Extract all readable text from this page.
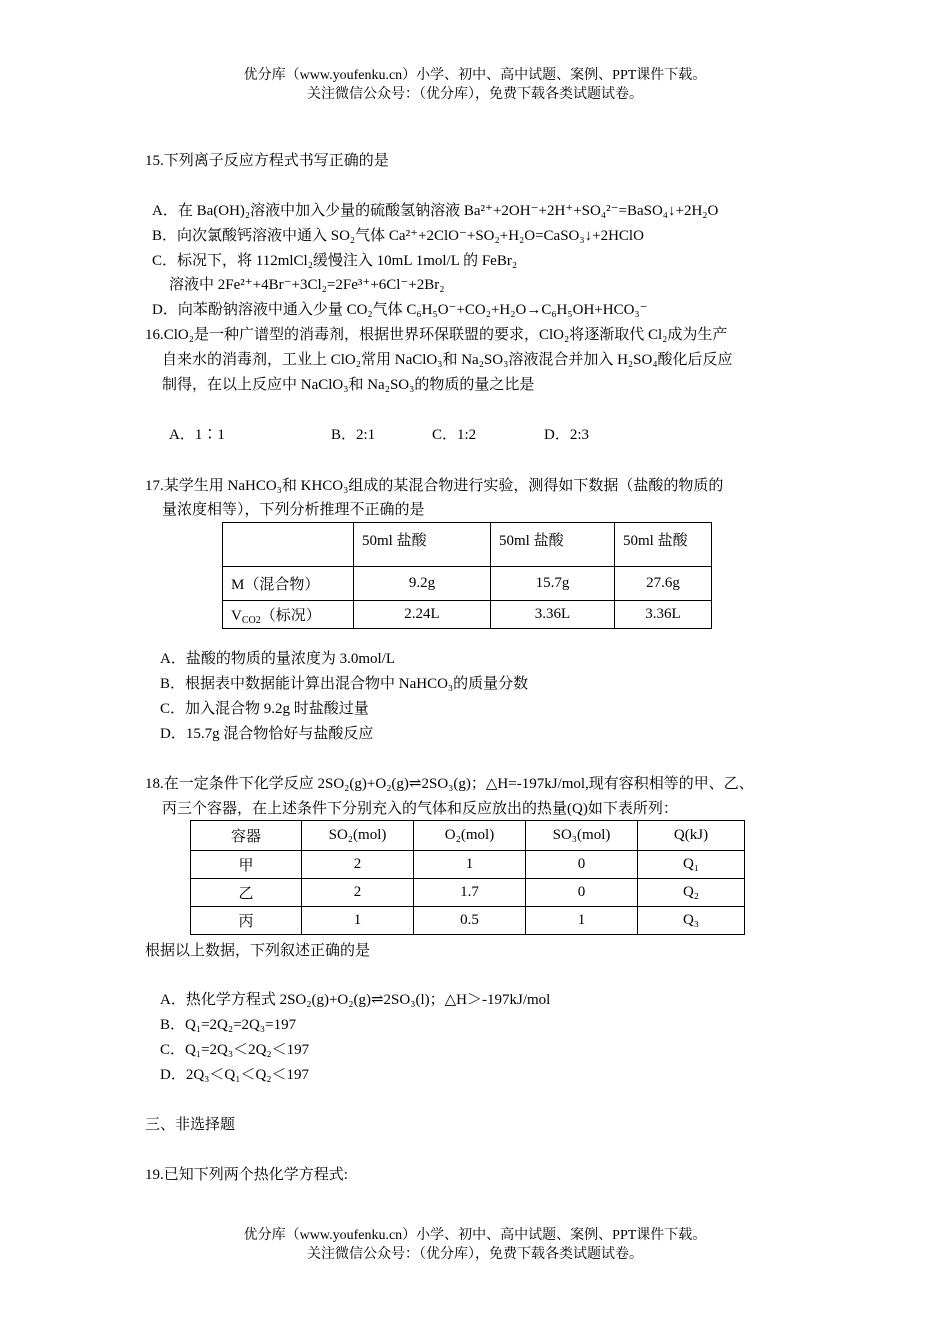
优分库（www.youfenku.cn）小学、初中、高中试题、案例、PPT课件下载。
关注微信公众号：（优分库），免费下载各类试题试卷。
15.下列离子反应方程式书写正确的是
A．在 Ba(OH)₂溶液中加入少量的硫酸氢钠溶液 Ba²⁺+2OH⁻+2H⁺+SO₄²⁻=BaSO₄↓+2H₂O
B．向次氯酸钙溶液中通入 SO₂气体 Ca²⁺+2ClO⁻+SO₂+H₂O=CaSO₃↓+2HClO
C．标况下，将 112mlCl₂缓慢注入 10mL 1mol/L 的 FeBr₂
溶液中 2Fe²⁺+4Br⁻+3Cl₂=2Fe³⁺+6Cl⁻+2Br₂
D．向苯酚钠溶液中通入少量 CO₂气体 C₆H₅O⁻+CO₂+H₂O→C₆H₅OH+HCO₃⁻
16.ClO₂是一种广谱型的消毒剂，根据世界环保联盟的要求，ClO₂将逐渐取代 Cl₂成为生产
自来水的消毒剂，工业上 ClO₂常用 NaClO₃和 Na₂SO₃溶液混合并加入 H₂SO₄酸化后反应
制得，在以上反应中 NaClO₃和 Na₂SO₃的物质的量之比是
A．1∶1	B．2:1	C．1:2	D．2:3
17.某学生用 NaHCO₃和 KHCO₃组成的某混合物进行实验，测得如下数据（盐酸的物质的
量浓度相等），下列分析推理不正确的是
	50ml 盐酸	50ml 盐酸	50ml 盐酸
M（混合物）	9.2g	15.7g	27.6g
$V_{CO2}$（标况）	2.24L	3.36L	3.36L
A．盐酸的物质的量浓度为 3.0mol/L
B．根据表中数据能计算出混合物中 NaHCO₃的质量分数
C．加入混合物 9.2g 时盐酸过量
D．15.7g 混合物恰好与盐酸反应
18.在一定条件下化学反应 2SO₂(g)+O₂(g)⇌2SO₃(g)；△H=-197kJ/mol,现有容积相等的甲、乙、
丙三个容器，在上述条件下分别充入的气体和反应放出的热量(Q)如下表所列：
容器	SO₂(mol)	O₂(mol)	SO₃(mol)	Q(kJ)
甲	2	1	0	Q₁
乙	2	1.7	0	Q₂
丙	1	0.5	1	Q₃
根据以上数据，下列叙述正确的是
A．热化学方程式 2SO₂(g)+O₂(g)⇌2SO₃(l)；△H＞-197kJ/mol
B．Q₁=2Q₂=2Q₃=197
C．Q₁=2Q₃＜2Q₂＜197
D．2Q₃＜Q₁＜Q₂＜197
三、非选择题
19.已知下列两个热化学方程式:
优分库（www.youfenku.cn）小学、初中、高中试题、案例、PPT课件下载。
关注微信公众号：（优分库），免费下载各类试题试卷。
